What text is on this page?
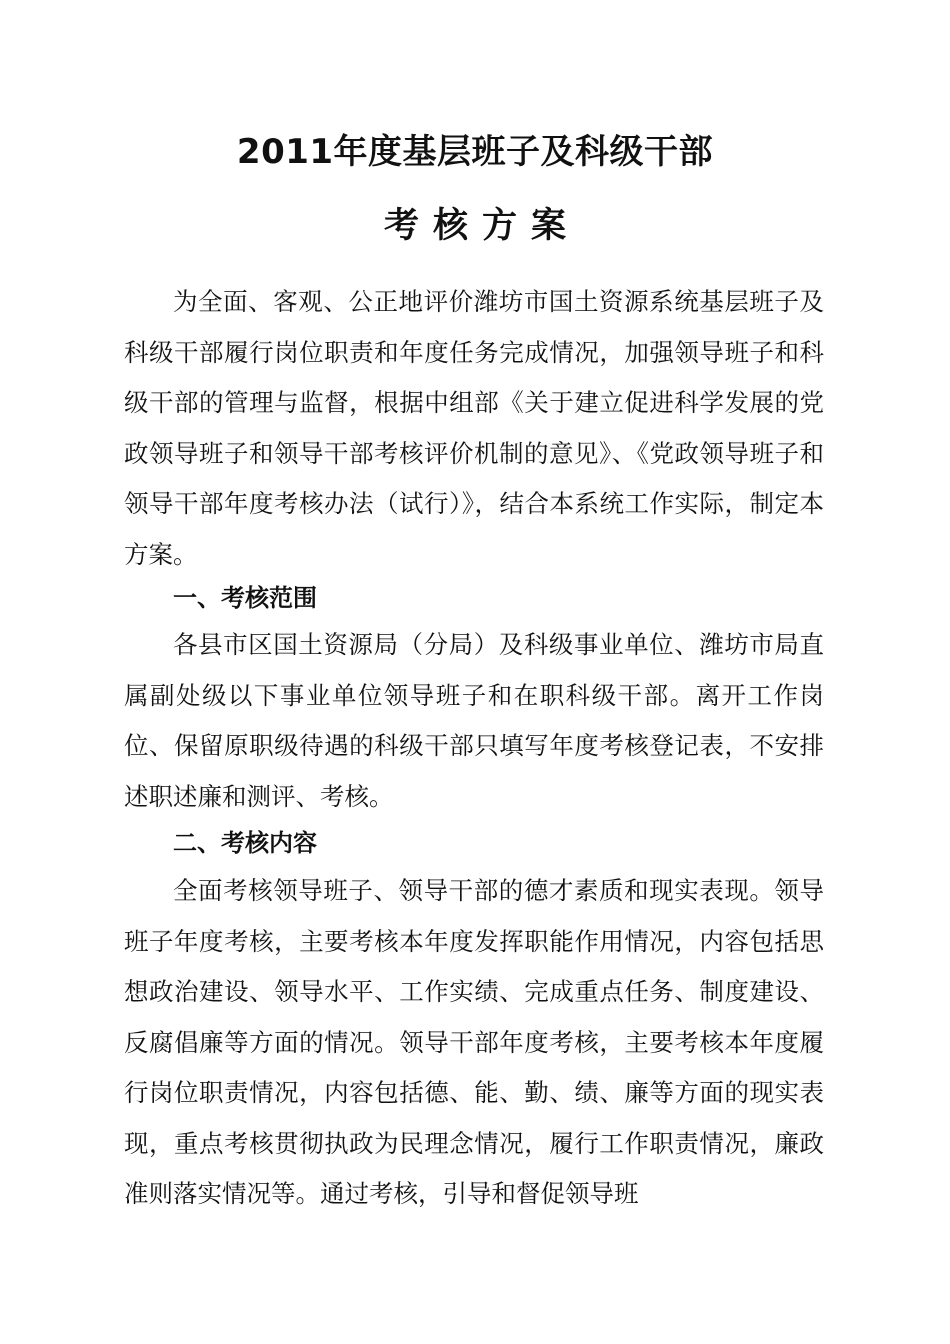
2011年度基层班子及科级干部
考核方案

为全面、客观、公正地评价潍坊市国土资源系统基层班子及科级干部履行岗位职责和年度任务完成情况，加强领导班子和科级干部的管理与监督，根据中组部《关于建立促进科学发展的党政领导班子和领导干部考核评价机制的意见》、《党政领导班子和领导干部年度考核办法（试行）》，结合本系统工作实际，制定本方案。

一、考核范围

各县市区国土资源局（分局）及科级事业单位、潍坊市局直属副处级以下事业单位领导班子和在职科级干部。离开工作岗位、保留原职级待遇的科级干部只填写年度考核登记表，不安排述职述廉和测评、考核。

二、考核内容

全面考核领导班子、领导干部的德才素质和现实表现。领导班子年度考核，主要考核本年度发挥职能作用情况，内容包括思想政治建设、领导水平、工作实绩、完成重点任务、制度建设、反腐倡廉等方面的情况。领导干部年度考核，主要考核本年度履行岗位职责情况，内容包括德、能、勤、绩、廉等方面的现实表现，重点考核贯彻执政为民理念情况，履行工作职责情况，廉政准则落实情况等。通过考核，引导和督促领导班
